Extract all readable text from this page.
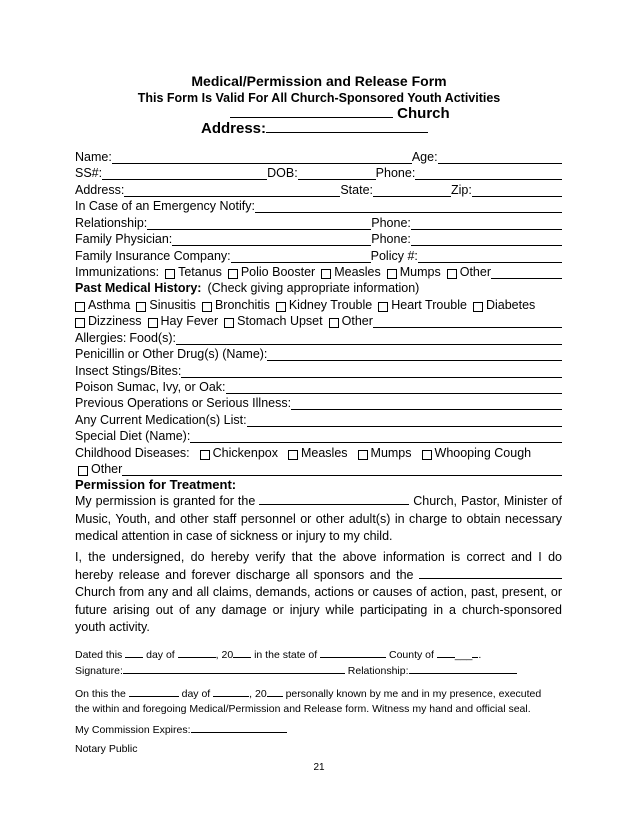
Medical/Permission and Release Form
This Form Is Valid For All Church-Sponsored Youth Activities
Church
Address:
Name:	Age:
SS#:	DOB:	Phone:
Address:	State:	Zip:
In Case of an Emergency Notify:
Relationship:	Phone:
Family Physician:	Phone:
Family Insurance Company:	Policy #:
Immunizations: Tetanus Polio Booster Measles Mumps Other
Past Medical History: (Check giving appropriate information)
Asthma Sinusitis Bronchitis Kidney Trouble Heart Trouble Diabetes
Dizziness Hay Fever Stomach Upset Other
Allergies: Food(s):
Penicillin or Other Drug(s) (Name):
Insect Stings/Bites:
Poison Sumac, Ivy, or Oak:
Previous Operations or Serious Illness:
Any Current Medication(s) List:
Special Diet (Name):
Childhood Diseases: Chickenpox Measles Mumps Whooping Cough
Other
Permission for Treatment:
My permission is granted for the	Church, Pastor, Minister of Music, Youth, and other staff personnel or other adult(s) in charge to obtain necessary medical attention in case of sickness or injury to my child.
I, the undersigned, do hereby verify that the above information is correct and I do hereby release and forever discharge all sponsors and the  Church from any and all claims, demands, actions or causes of action, past, present, or future arising out of any damage or injury while participating in a church-sponsored youth activity.
Dated this day of	, 20 in the state of	County of ___ .
Signature:	Relationship:
On this the	day of	, 20 personally known by me and in my presence, executed
the within and foregoing Medical/Permission and Release form. Witness my hand and official seal.
My Commission Expires:
Notary Public
21
